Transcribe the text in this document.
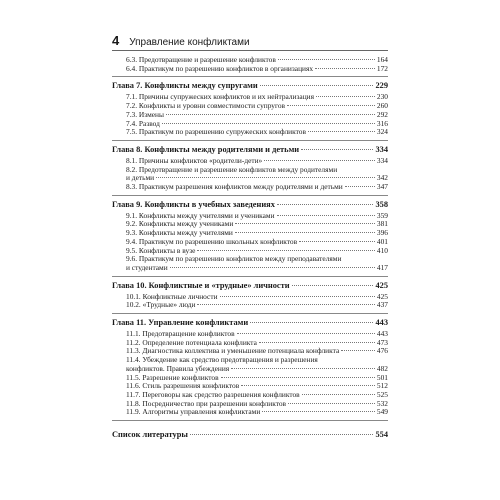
4 Управление конфликтами
6.3. Предотвращение и разрешение конфликтов	164
6.4. Практикум по разрешению конфликтов в организациях	172
Глава 7. Конфликты между супругами	229
7.1. Причины супружеских конфликтов и их нейтрализация	230
7.2. Конфликты и уровни совместимости супругов	260
7.3. Измены	292
7.4. Развод	316
7.5. Практикум по разрешению супружеских конфликтов	324
Глава 8. Конфликты между родителями и детьми	334
8.1. Причины конфликтов «родители-дети»	334
8.2. Предотвращение и разрешение конфликтов между родителями
и детьми	342
8.3. Практикум разрешения конфликтов между родителями и детьми	347
Глава 9. Конфликты в учебных заведениях	358
9.1. Конфликты между учителями и учениками	359
9.2. Конфликты между учениками	381
9.3. Конфликты между учителями	396
9.4. Практикум по разрешению школьных конфликтов	401
9.5. Конфликты в вузе	410
9.6. Практикум по разрешению конфликтов между преподавателями
и студентами	417
Глава 10. Конфликтные и «трудные» личности	425
10.1. Конфликтные личности	425
10.2. «Трудные» люди	437
Глава 11. Управление конфликтами	443
11.1. Предотвращение конфликтов	443
11.2. Определение потенциала конфликта	473
11.3. Диагностика коллектива и уменьшение потенциала конфликта	476
11.4. Убеждение как средство предотвращения и разрешения
конфликтов. Правила убеждения	482
11.5. Разрешение конфликтов	501
11.6. Стиль разрешения конфликтов	512
11.7. Переговоры как средство разрешения конфликтов	525
11.8. Посредничество при разрешении конфликтов	532
11.9. Алгоритмы управления конфликтами	549
Список литературы	554
